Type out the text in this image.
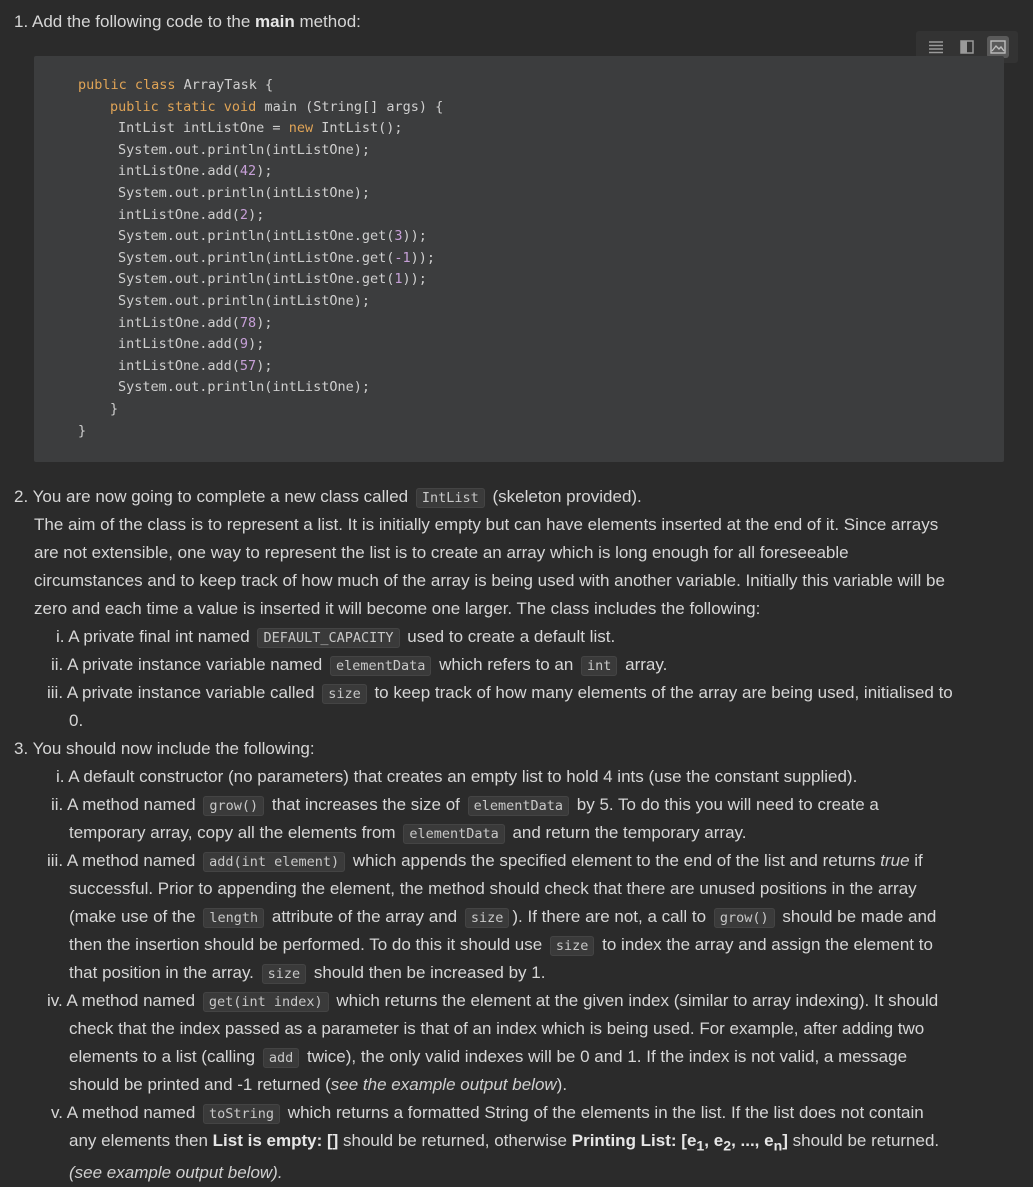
1. Add the following code to the main method:
public class ArrayTask {
public static void main (String[] args) {
IntList intListOne = new IntList();
System.out.println(intListOne);
intListOne.add(42);
System.out.println(intListOne);
intListOne.add(2);
System.out.println(intListOne.get(3));
System.out.println(intListOne.get(-1));
System.out.println(intListOne.get(1));
System.out.println(intListOne);
intListOne.add(78);
intListOne.add(9);
intListOne.add(57);
System.out.println(intListOne);
}
}
2. You are now going to complete a new class called IntList (skeleton provided).
The aim of the class is to represent a list. It is initially empty but can have elements inserted at the end of it. Since arrays
are not extensible, one way to represent the list is to create an array which is long enough for all foreseeable
circumstances and to keep track of how much of the array is being used with another variable. Initially this variable will be
zero and each time a value is inserted it will become one larger. The class includes the following:
i. A private final int named DEFAULT_CAPACITY used to create a default list.
ii. A private instance variable named elementData which refers to an int array.
iii. A private instance variable called size to keep track of how many elements of the array are being used, initialised to
0.
3. You should now include the following:
i. A default constructor (no parameters) that creates an empty list to hold 4 ints (use the constant supplied).
ii. A method named grow() that increases the size of elementData by 5. To do this you will need to create a
temporary array, copy all the elements from elementData and return the temporary array.
iii. A method named add(int element) which appends the specified element to the end of the list and returns true if
successful. Prior to appending the element, the method should check that there are unused positions in the array
(make use of the length attribute of the array and size ). If there are not, a call to grow() should be made and
then the insertion should be performed. To do this it should use size to index the array and assign the element to
that position in the array. size should then be increased by 1.
iv. A method named get(int index) which returns the element at the given index (similar to array indexing). It should
check that the index passed as a parameter is that of an index which is being used. For example, after adding two
elements to a list (calling add twice), the only valid indexes will be 0 and 1. If the index is not valid, a message
should be printed and -1 returned (see the example output below).
v. A method named toString which returns a formatted String of the elements in the list. If the list does not contain
any elements then List is empty: [] should be returned, otherwise Printing List: [$e_1$, $e_2$, ..., $e_n$] should be returned.
(see example output below).
